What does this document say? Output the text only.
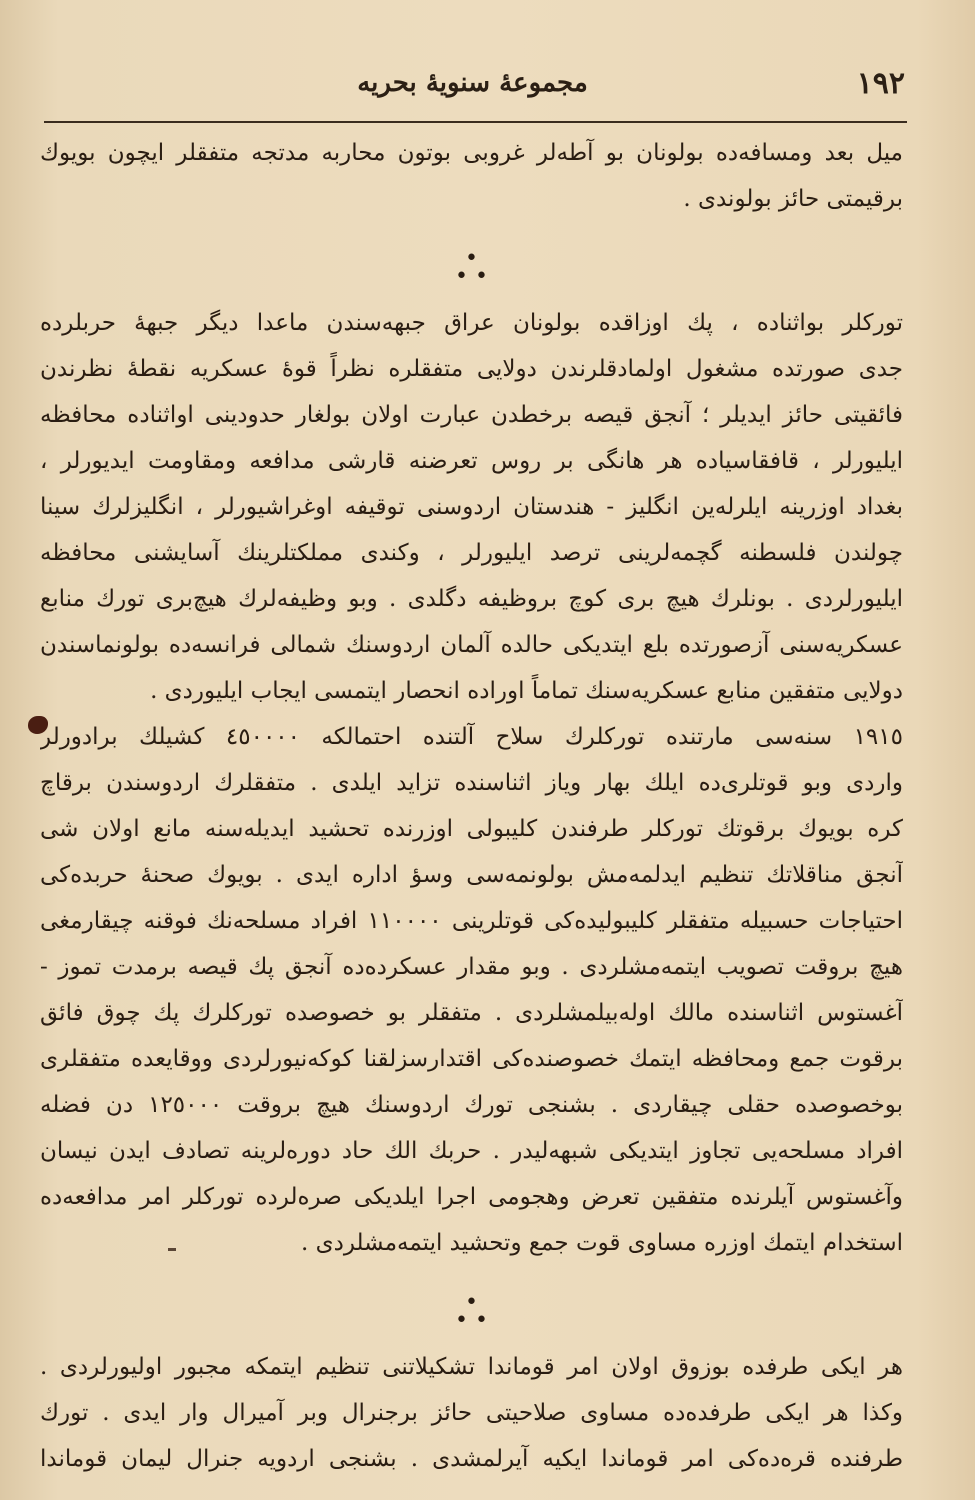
١٩٢
مجموعهٔ سنویهٔ بحریه
میل بعد ومسافه‌ده بولونان بو آطه‌لر غروبی بوتون محاربه مدتجه متفقلر ایچون بویوك
برقیمتی حائز بولوندی .
•
• •
تورکلر بواثناده ، پك اوزاقده بولونان عراق جبهه‌سندن ماعدا دیگر جبههٔ حربلرده
جدی صورتده مشغول اولمادقلرندن دولایی متفقلره نظراً قوهٔ عسکریه نقطهٔ نظرندن
فائقیتی حائز ایدیلر ؛ آنجق قیصه برخطدن عبارت اولان بولغار حدودینی اواثناده محافظه
ایلیورلر ، قافقاسیاده هر هانگی بر روس تعرضنه قارشی مدافعه ومقاومت ایدیورلر ،
بغداد اوزرینه ایلرله‌ین انگلیز - هندستان اردوسنی توقیفه اوغراشیورلر ، انگلیزلرك سینا
چولندن فلسطنه گچمه‌لرینی ترصد ایلیورلر ، وکندی مملکتلرینك آسایشنی محافظه
ایلیورلردی . بونلرك هیچ بری کوچ بروظیفه دگلدی . وبو وظیفه‌لرك هیچ‌بری تورك منابع
عسکریه‌سنی آزصورتده بلع ایتدیکی حالده آلمان اردوسنك شمالی فرانسه‌ده بولونماسندن
دولایی متفقین منابع عسکریه‌سنك تماماً اوراده انحصار ایتمسی ایجاب ایلیوردی .
١٩١٥ سنه‌سی مارتنده تورکلرك سلاح آلتنده احتمالکه ٤٥٠٠٠٠ کشیلك برادورلر
واردی وبو قوتلری‌ده ایلك بهار وياز اثناسنده تزاید ایلدی . متفقلرك اردوسندن برقاچ
کره بویوك برقوتك تورکلر طرفندن کلیبولی اوزرنده تحشید ایدیله‌سنه مانع اولان شی
آنجق مناقلاتك تنظیم ایدلمه‌مش بولونمه‌سی وسؤ اداره ایدی . بویوك صحنهٔ حربده‌کی
احتیاجات حسبیله متفقلر کلیبولیده‌کی قوتلرینی ١١٠٠٠٠ افراد مسلحه‌نك فوقنه چیقارمغی
هیچ بروقت تصویب ایتمه‌مشلردی . وبو مقدار عسکرده‌ده آنجق پك قیصه برمدت تموز -
آغستوس اثناسنده مالك اوله‌بیلمشلردی . متفقلر بو خصوصده تورکلرك پك چوق فائق
برقوت جمع ومحافظه ایتمك خصوصنده‌کی اقتدارسزلقنا کوکه‌نیورلردی ووقایعده متفقلری
بوخصوصده حقلی چیقاردی . بشنجی تورك اردوسنك هیچ بروقت ١٢٥٠٠٠ دن فضله
افراد مسلحه‌یی تجاوز ایتدیکی شبهه‌لیدر . حربك الك حاد دوره‌لرینه تصادف ایدن نیسان
وآغستوس آیلرنده متفقین تعرض وهجومی اجرا ایلدیکی صره‌لرده تورکلر امر مدافعه‌ده
استخدام ایتمك اوزره مساوی قوت جمع وتحشید ایتمه‌مشلردی .
•
• •
هر ایکی طرفده بوزوق اولان امر قوماندا تشکیلاتنی تنظیم ایتمکه مجبور اولیورلردی .
وکذا هر ایکی طرفده‌ده مساوی صلاحیتی حائز برجنرال وبر آمیرال وار ایدی . تورك
طرفنده قره‌ده‌کی امر قوماندا ایکیه آیرلمشدی . بشنجی اردویه جنرال لیمان قوماندا
